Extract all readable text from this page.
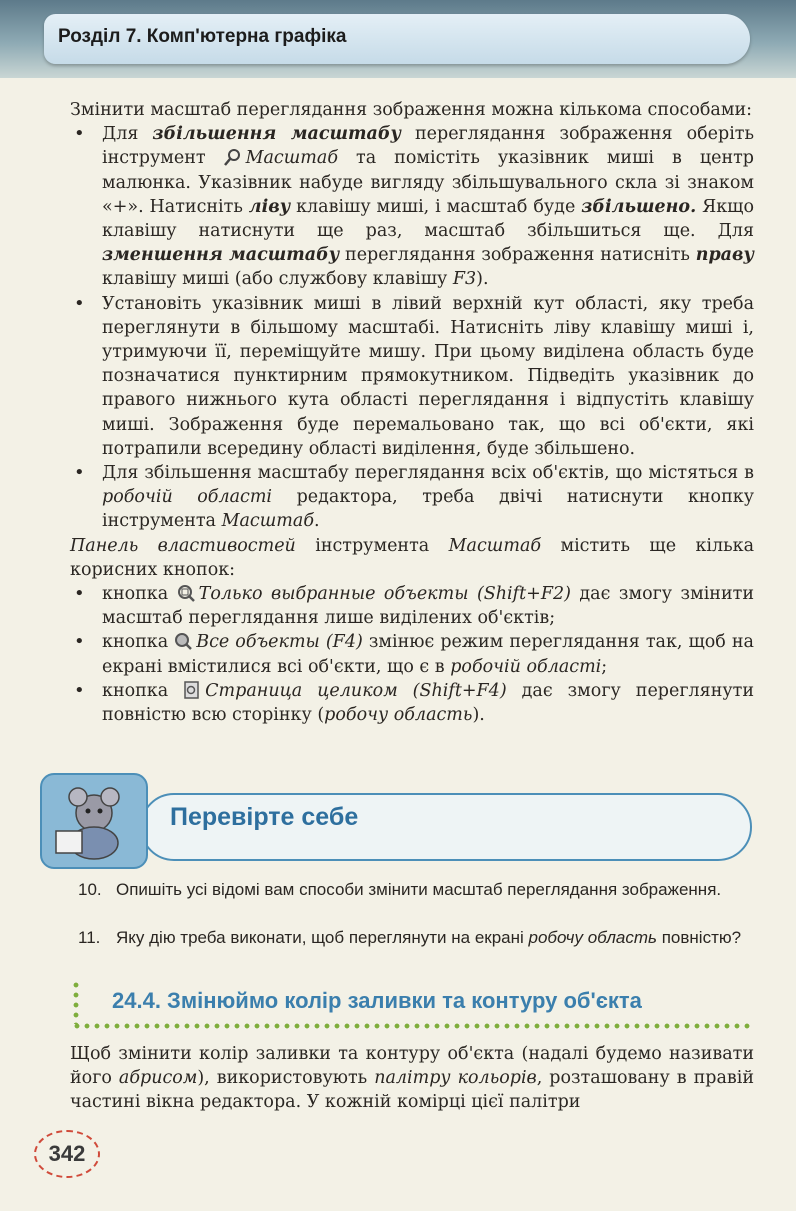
Розділ 7. Комп'ютерна графіка

Змінити масштаб переглядання зображення можна кількома способами:

• Для збільшення масштабу переглядання зображення оберіть інструмент Масштаб та помістіть указівник миші в центр малюнка. Указівник набуде вигляду збільшувального скла зі знаком «+». Натисніть ліву клавішу миші, і масштаб буде збільшено. Якщо клавішу натиснути ще раз, масштаб збільшиться ще. Для зменшення масштабу переглядання зображення натисніть праву клавішу миші (або службову клавішу F3).
• Установіть указівник миші в лівий верхній кут області, яку треба переглянути в більшому масштабі. Натисніть ліву клавішу миші і, утримуючи її, переміщуйте мишу. При цьому виділена область буде позначатися пунктирним прямокутником. Підведіть указівник до правого нижнього кута області переглядання і відпустіть клавішу миші. Зображення буде перемальовано так, що всі об'єкти, які потрапили всередину області виділення, буде збільшено.
• Для збільшення масштабу переглядання всіх об'єктів, що містяться в робочій області редактора, треба двічі натиснути кнопку інструмента Масштаб.

Панель властивостей інструмента Масштаб містить ще кілька корисних кнопок:

• кнопка Только выбранные объекты (Shift+F2) дає змогу змінити масштаб переглядання лише виділених об'єктів;
• кнопка Все объекты (F4) змінює режим переглядання так, щоб на екрані вмістилися всі об'єкти, що є в робочій області;
• кнопка Страница целиком (Shift+F4) дає змогу переглянути повністю всю сторінку (робочу область).
Перевірте себе
10. Опишіть усі відомі вам способи змінити масштаб переглядання зображення.
11. Яку дію треба виконати, щоб переглянути на екрані робочу область повністю?
24.4. Змінюймо колір заливки та контуру об'єкта

Щоб змінити колір заливки та контуру об'єкта (надалі будемо називати його абрисом), використовують палітру кольорів, розташовану в правій частині вікна редактора. У кожній комірці цієї палітри

342
